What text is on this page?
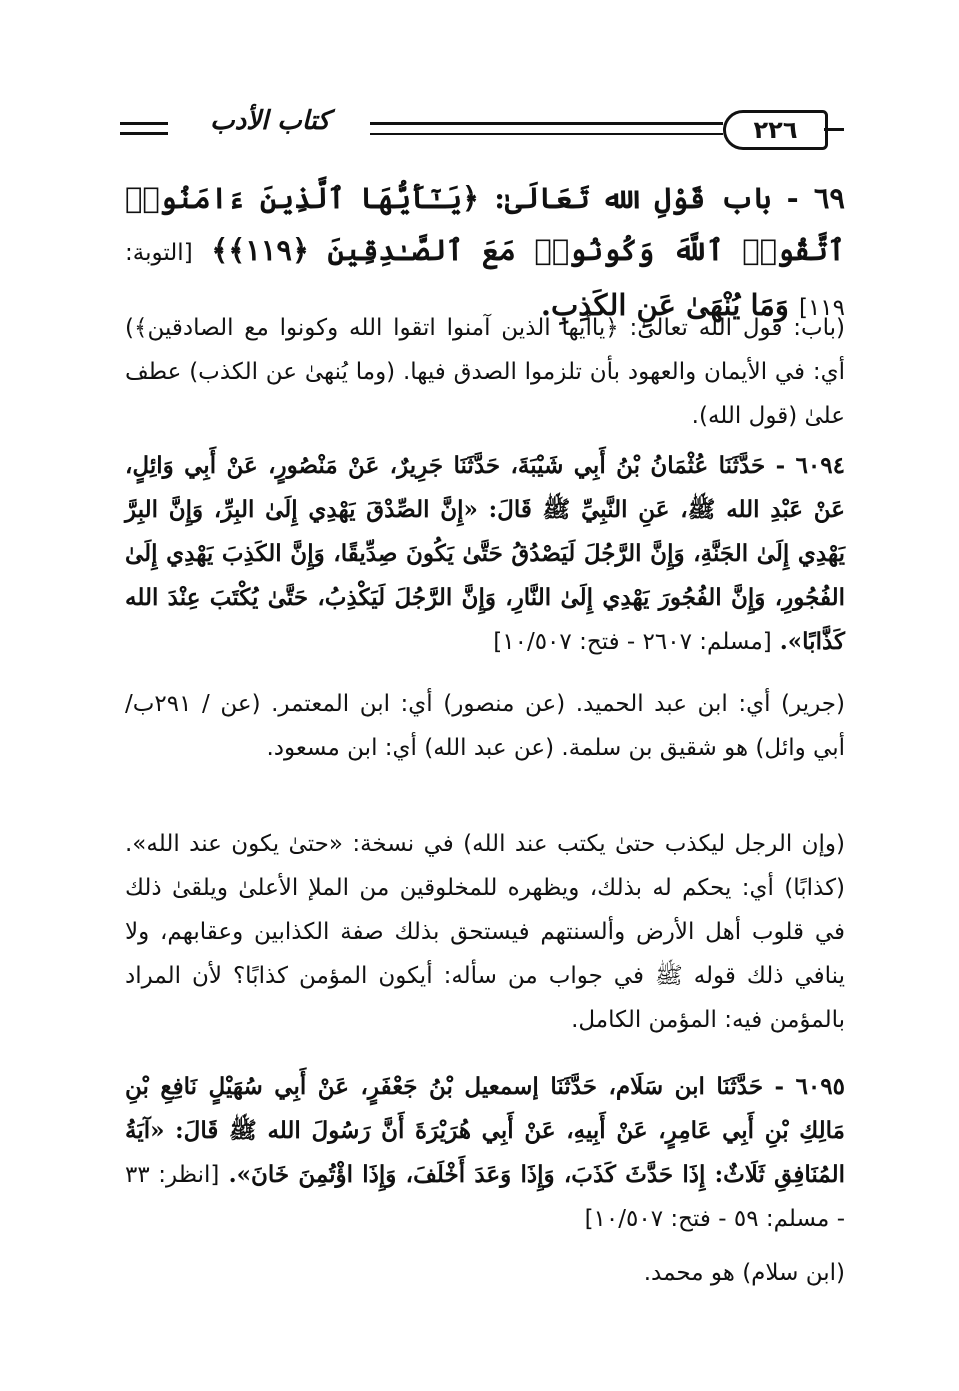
كتاب الأدب	٢٢٦
٦٩ - باب قَوْلِ الله تَعَالَىٰ: ﴿يَـٰٓأَيُّهَا ٱلَّذِينَ ءَامَنُوا۟ ٱتَّقُوا۟ ٱللَّهَ وَكُونُوا۟ مَعَ ٱلصَّـٰدِقِينَ ﴿١١٩﴾﴾ [التوبة: ١١٩] وَمَا يُنْهَىٰ عَنِ الكَذِبِ.
(باب: قول الله تعالىٰ: ﴿ياأيها الذين آمنوا اتقوا الله وكونوا مع الصادقين﴾) أي: في الأيمان والعهود بأن تلزموا الصدق فيها. (وما يُنهىٰ عن الكذب) عطف علىٰ (قول الله).
٦٠٩٤ - حَدَّثَنَا عُثْمَانُ بْنُ أَبِي شَيْبَةَ، حَدَّثَنَا جَرِيرٌ، عَنْ مَنْصُورٍ، عَنْ أَبِي وَائِلٍ، عَنْ عَبْدِ الله ﷺ، عَنِ النَّبِيِّ ﷺ قَالَ: «إِنَّ الصِّدْقَ يَهْدِي إِلَىٰ البِرِّ، وَإِنَّ البِرَّ يَهْدِي إِلَىٰ الجَنَّةِ، وَإِنَّ الرَّجُلَ لَيَصْدُقُ حَتَّىٰ يَكُونَ صِدِّيقًا، وَإِنَّ الكَذِبَ يَهْدِي إِلَىٰ الفُجُورِ، وَإِنَّ الفُجُورَ يَهْدِي إِلَىٰ النَّارِ، وَإِنَّ الرَّجُلَ لَيَكْذِبُ، حَتَّىٰ يُكْتَبَ عِنْدَ الله كَذَّابًا». [مسلم: ٢٦٠٧ - فتح: ١٠/٥٠٧]
(جرير) أي: ابن عبد الحميد. (عن منصور) أي: ابن المعتمر. (عن / ٢٩١ب/ أبي وائل) هو شقيق بن سلمة. (عن عبد الله) أي: ابن مسعود.
(وإن الرجل ليكذب حتىٰ يكتب عند الله) في نسخة: «حتىٰ يكون عند الله». (كذابًا) أي: يحكم له بذلك، ويظهره للمخلوقين من الملإ الأعلىٰ ويلقىٰ ذلك في قلوب أهل الأرض وألسنتهم فيستحق بذلك صفة الكذابين وعقابهم، ولا ينافي ذلك قوله ﷺ في جواب من سأله: أيكون المؤمن كذابًا؟ لأن المراد بالمؤمن فيه: المؤمن الكامل.
٦٠٩٥ - حَدَّثَنَا ابن سَلَام، حَدَّثَنَا إسمعيل بْنُ جَعْفَرٍ، عَنْ أَبِي سُهَيْلٍ نَافِعِ بْنِ مَالِكِ بْنِ أَبِي عَامِرٍ، عَنْ أَبِيهِ، عَنْ أَبِي هُرَيْرَةَ أَنَّ رَسُولَ الله ﷺ قَالَ: «آيَةُ المُنَافِقِ ثَلَاثٌ: إِذَا حَدَّثَ كَذَبَ، وَإِذَا وَعَدَ أَخْلَفَ، وَإِذَا اؤْتُمِنَ خَانَ». [انظر: ٣٣ - مسلم: ٥٩ - فتح: ١٠/٥٠٧]
(ابن سلام) هو محمد.
